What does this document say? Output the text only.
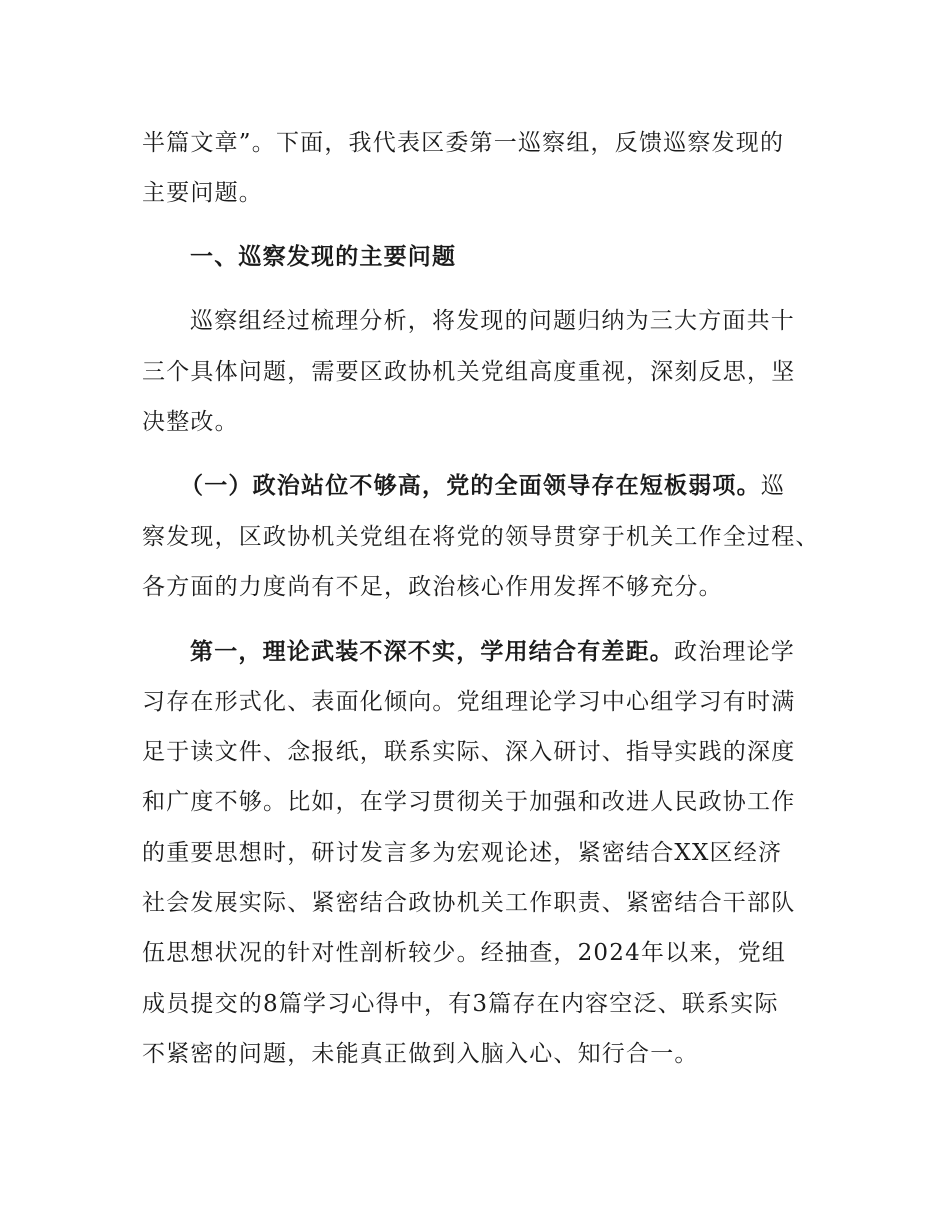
半篇文章”。下面，我代表区委第一巡察组，反馈巡察发现的
主要问题。
一、巡察发现的主要问题
巡察组经过梳理分析，将发现的问题归纳为三大方面共十
三个具体问题，需要区政协机关党组高度重视，深刻反思，坚
决整改。
（一）政治站位不够高，党的全面领导存在短板弱项。巡
察发现，区政协机关党组在将党的领导贯穿于机关工作全过程、
各方面的力度尚有不足，政治核心作用发挥不够充分。
第一，理论武装不深不实，学用结合有差距。政治理论学
习存在形式化、表面化倾向。党组理论学习中心组学习有时满
足于读文件、念报纸，联系实际、深入研讨、指导实践的深度
和广度不够。比如，在学习贯彻关于加强和改进人民政协工作
的重要思想时，研讨发言多为宏观论述，紧密结合XX区经济
社会发展实际、紧密结合政协机关工作职责、紧密结合干部队
伍思想状况的针对性剖析较少。经抽查，2024年以来，党组
成员提交的8篇学习心得中，有3篇存在内容空泛、联系实际
不紧密的问题，未能真正做到入脑入心、知行合一。
